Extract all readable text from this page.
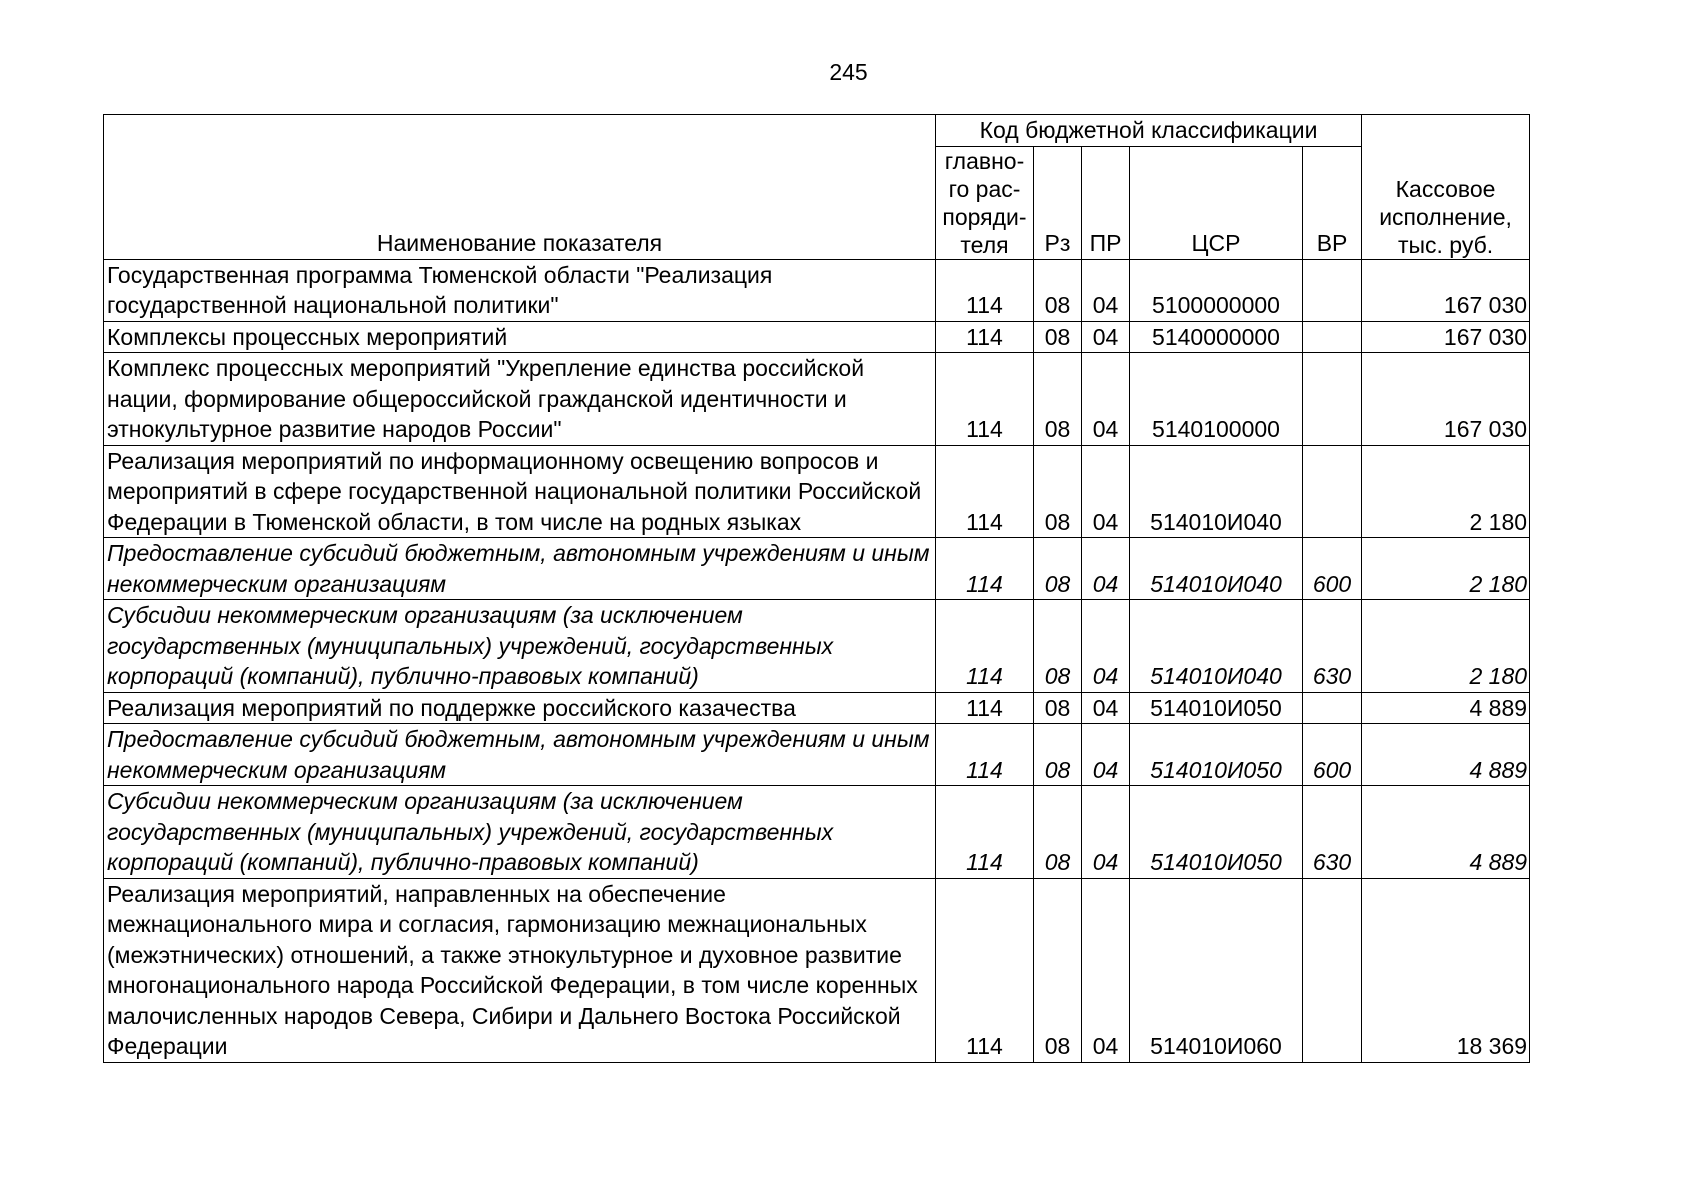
245
Наименование показателя	Код бюджетной классификации					Кассовое исполнение, тыс. руб.
	главно-го рас-поряди-теля	Рз	ПР	ЦСР	ВР	
Государственная программа Тюменской области "Реализация государственной национальной политики"	114	08	04	5100000000		167 030
Комплексы процессных мероприятий	114	08	04	5140000000		167 030
Комплекс процессных мероприятий "Укрепление единства российской нации, формирование общероссийской гражданской идентичности и этнокультурное развитие народов России"	114	08	04	5140100000		167 030
Реализация мероприятий по информационному освещению вопросов и мероприятий в сфере государственной национальной политики Российской Федерации в Тюменской области, в том числе на родных языках	114	08	04	514010И040		2 180
Предоставление субсидий бюджетным, автономным учреждениям и иным некоммерческим организациям	114	08	04	514010И040	600	2 180
Субсидии некоммерческим организациям (за исключением государственных (муниципальных) учреждений, государственных корпораций (компаний), публично-правовых компаний)	114	08	04	514010И040	630	2 180
Реализация мероприятий по поддержке российского казачества	114	08	04	514010И050		4 889
Предоставление субсидий бюджетным, автономным учреждениям и иным некоммерческим организациям	114	08	04	514010И050	600	4 889
Субсидии некоммерческим организациям (за исключением государственных (муниципальных) учреждений, государственных корпораций (компаний), публично-правовых компаний)	114	08	04	514010И050	630	4 889
Реализация мероприятий, направленных на обеспечение межнационального мира и согласия, гармонизацию межнациональных (межэтнических) отношений, а также этнокультурное и духовное развитие многонационального народа Российской Федерации, в том числе коренных малочисленных народов Севера, Сибири и Дальнего Востока Российской Федерации	114	08	04	514010И060		18 369
